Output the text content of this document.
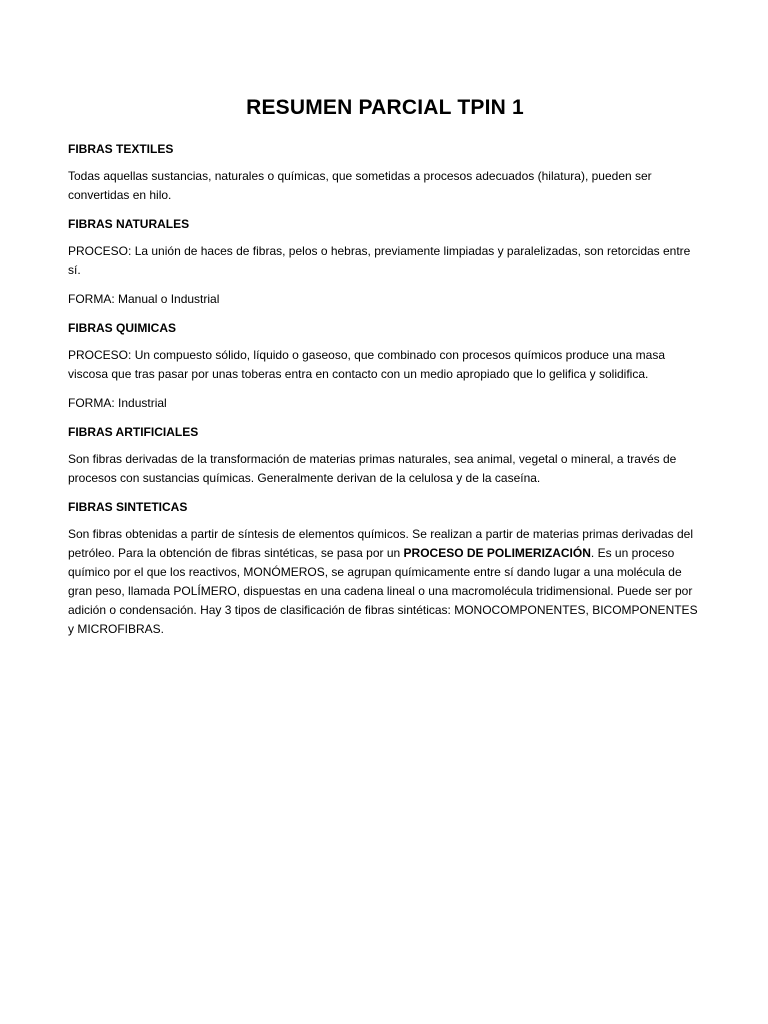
RESUMEN PARCIAL TPIN 1

FIBRAS TEXTILES

Todas aquellas sustancias, naturales o químicas, que sometidas a procesos adecuados (hilatura), pueden ser convertidas en hilo.

FIBRAS NATURALES

PROCESO: La unión de haces de fibras, pelos o hebras, previamente limpiadas y paralelizadas, son retorcidas entre sí.

FORMA: Manual o Industrial

FIBRAS QUIMICAS

PROCESO: Un compuesto sólido, líquido o gaseoso, que combinado con procesos químicos produce una masa viscosa que tras pasar por unas toberas entra en contacto con un medio apropiado que lo gelifica y solidifica.

FORMA: Industrial

FIBRAS ARTIFICIALES

Son fibras derivadas de la transformación de materias primas naturales, sea animal, vegetal o mineral, a través de procesos con sustancias químicas. Generalmente derivan de la celulosa y de la caseína.

FIBRAS SINTETICAS

Son fibras obtenidas a partir de síntesis de elementos químicos. Se realizan a partir de materias primas derivadas del petróleo. Para la obtención de fibras sintéticas, se pasa por un PROCESO DE POLIMERIZACIÓN. Es un proceso químico por el que los reactivos, MONÓMEROS, se agrupan químicamente entre sí dando lugar a una molécula de gran peso, llamada POLÍMERO, dispuestas en una cadena lineal o una macromolécula tridimensional. Puede ser por adición o condensación. Hay 3 tipos de clasificación de fibras sintéticas: MONOCOMPONENTES, BICOMPONENTES y MICROFIBRAS.
